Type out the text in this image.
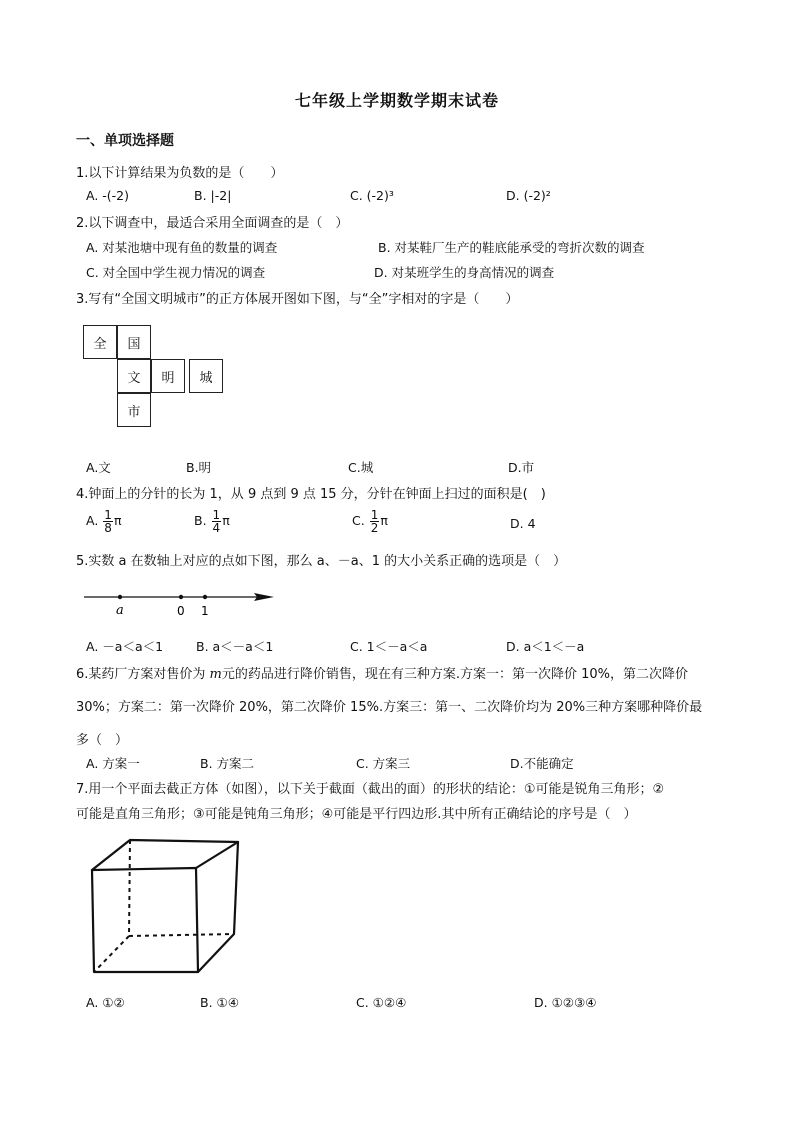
七年级上学期数学期末试卷
一、单项选择题
1.以下计算结果为负数的是（　　）
A. -(-2)	B. |-2|	C. (-2)³	D. (-2)²
2.以下调查中，最适合采用全面调查的是（　）
A. 对某池塘中现有鱼的数量的调查	B. 对某鞋厂生产的鞋底能承受的弯折次数的调查
C. 对全国中学生视力情况的调查	D. 对某班学生的身高情况的调查
3.写有“全国文明城市”的正方体展开图如下图，与“全”字相对的字是（　　）
全	国
文	明	城
市
A.文	B.明	C.城	D.市
4.钟面上的分针的长为 1，从 9 点到 9 点 15 分，分针在钟面上扫过的面积是(　)
A. $\frac{1}{8}$ π	B. $\frac{1}{4}$ π	C. $\frac{1}{2}$ π	D. 4
5.实数 a 在数轴上对应的点如下图，那么 a、－a、1 的大小关系正确的选项是（　）
a	0 1
A. －a＜a＜1	B. a＜－a＜1	C. 1＜－a＜a	D. a＜1＜－a
6.某药厂方案对售价为 m元的药品进行降价销售，现在有三种方案.方案一：第一次降价 10%，第二次降价
30%；方案二：第一次降价 20%，第二次降价 15%.方案三：第一、二次降价均为 20%三种方案哪种降价最
多（　）
A. 方案一	B. 方案二	C. 方案三	D.不能确定
7.用一个平面去截正方体（如图），以下关于截面（截出的面）的形状的结论：①可能是锐角三角形；②
可能是直角三角形；③可能是钝角三角形；④可能是平行四边形.其中所有正确结论的序号是（　）
A. ①②	B. ①④	C. ①②④	D. ①②③④
